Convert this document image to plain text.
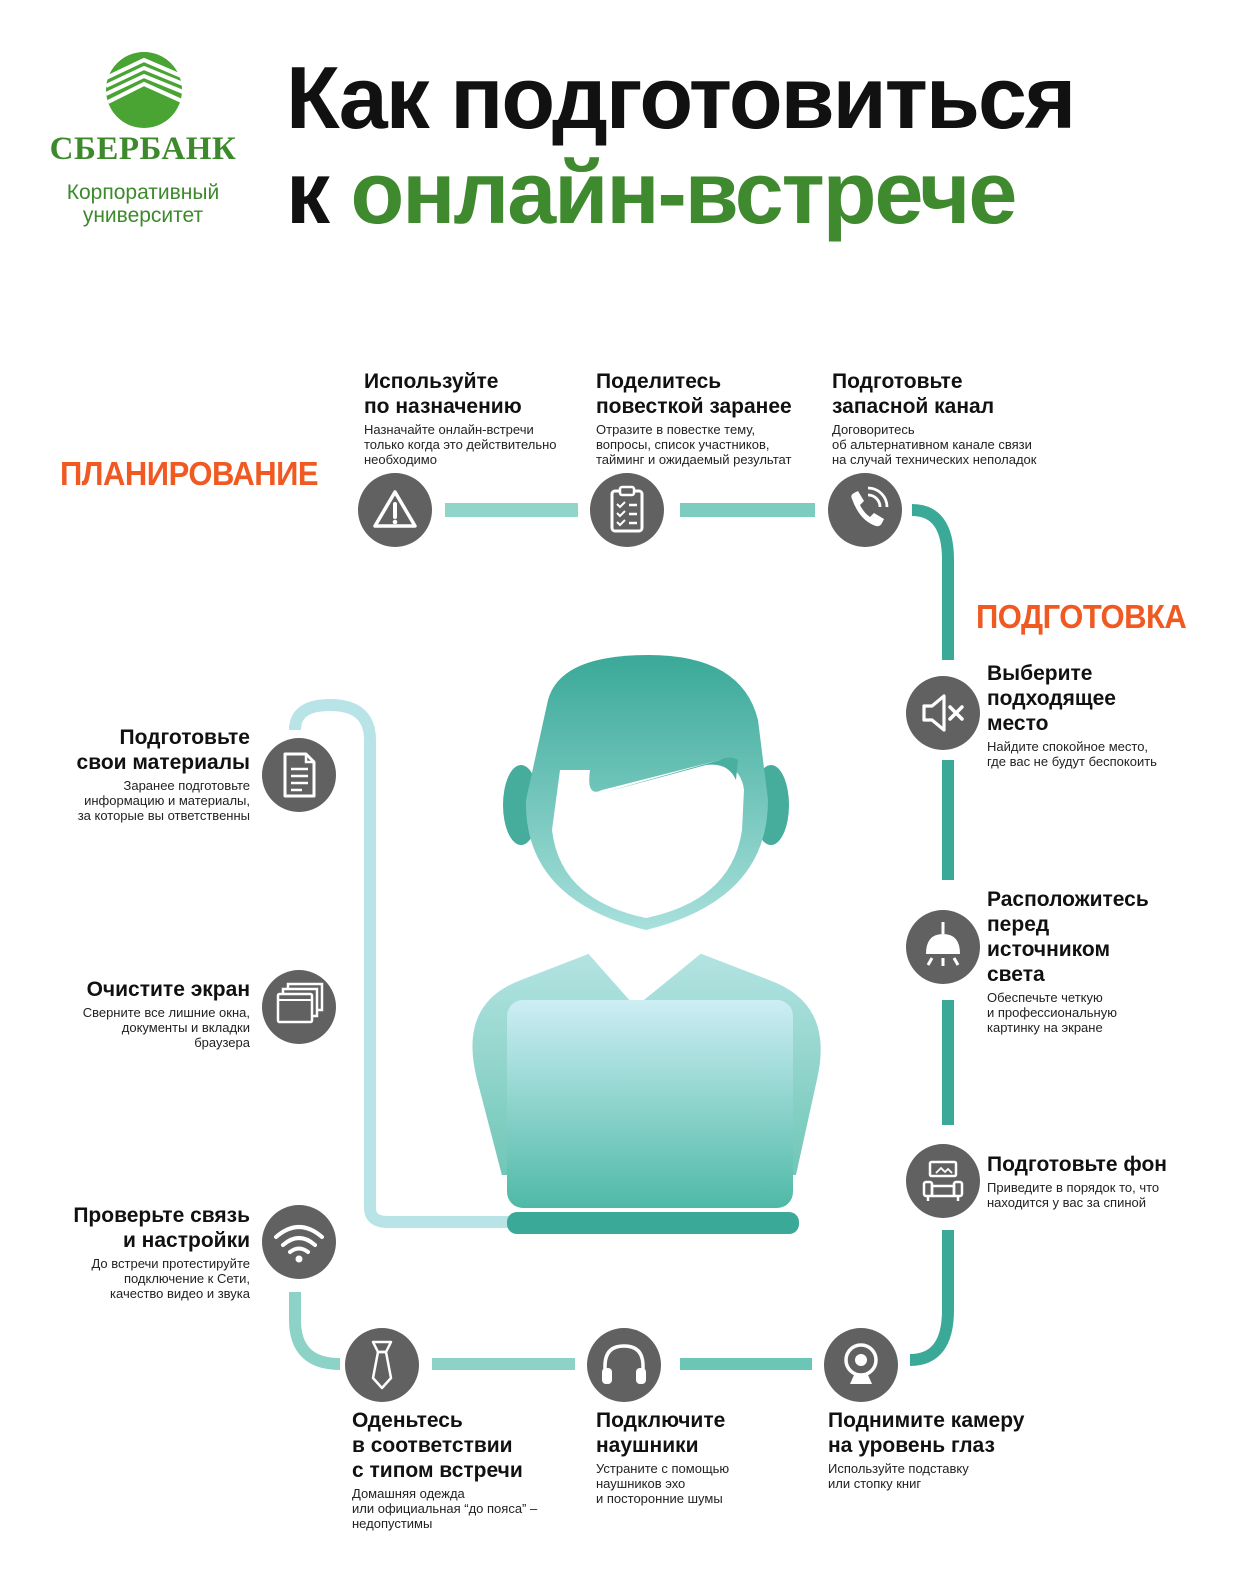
СБЕРБАНК
Корпоративный
университет
Как подготовиться
к онлайн-встрече
ПЛАНИРОВАНИЕ
ПОДГОТОВКА
Используйте
по назначению
Назначайте онлайн-встречи
только когда это действительно
необходимо
Поделитесь
повесткой заранее
Отразите в повестке тему,
вопросы, список участников,
тайминг и ожидаемый результат
Подготовьте
запасной канал
Договоритесь
об альтернативном канале связи
на случай технических неполадок
Выберите
подходящее
место
Найдите спокойное место,
где вас не будут беспокоить
Расположитесь
перед
источником
света
Обеспечьте четкую
и профессиональную
картинку на экране
Подготовьте фон
Приведите в порядок то, что
находится у вас за спиной
Поднимите камеру
на уровень глаз
Используйте подставку
или стопку книг
Подключите
наушники
Устраните с помощью
наушников эхо
и посторонние шумы
Оденьтесь
в соответствии
с типом встречи
Домашняя одежда
или официальная “до пояса” –
недопустимы
Проверьте связь
и настройки
До встречи протестируйте
подключение к Сети,
качество видео и звука
Очистите экран
Сверните все лишние окна,
документы и вкладки
браузера
Подготовьте
свои материалы
Заранее подготовьте
информацию и материалы,
за которые вы ответственны
